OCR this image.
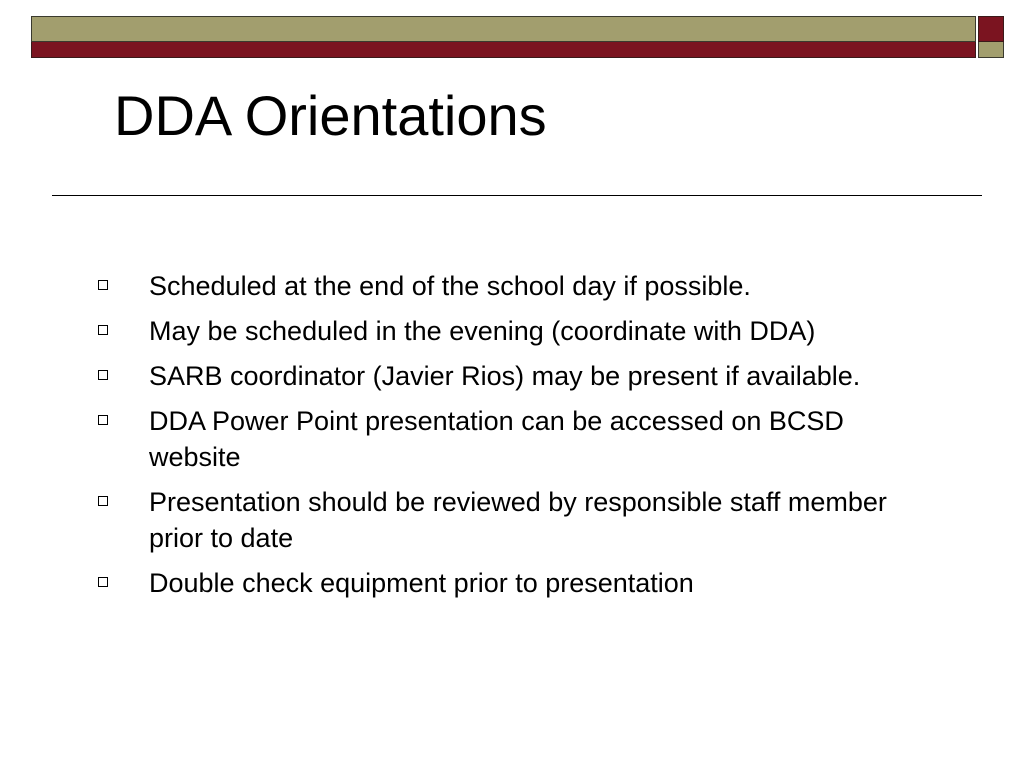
DDA Orientations
Scheduled at the end of the school day if possible.
May be scheduled in the evening (coordinate with DDA)
SARB coordinator (Javier Rios) may be present if available.
DDA Power Point presentation can be accessed on BCSD website
Presentation should be reviewed by responsible staff member prior to date
Double check equipment prior to presentation
